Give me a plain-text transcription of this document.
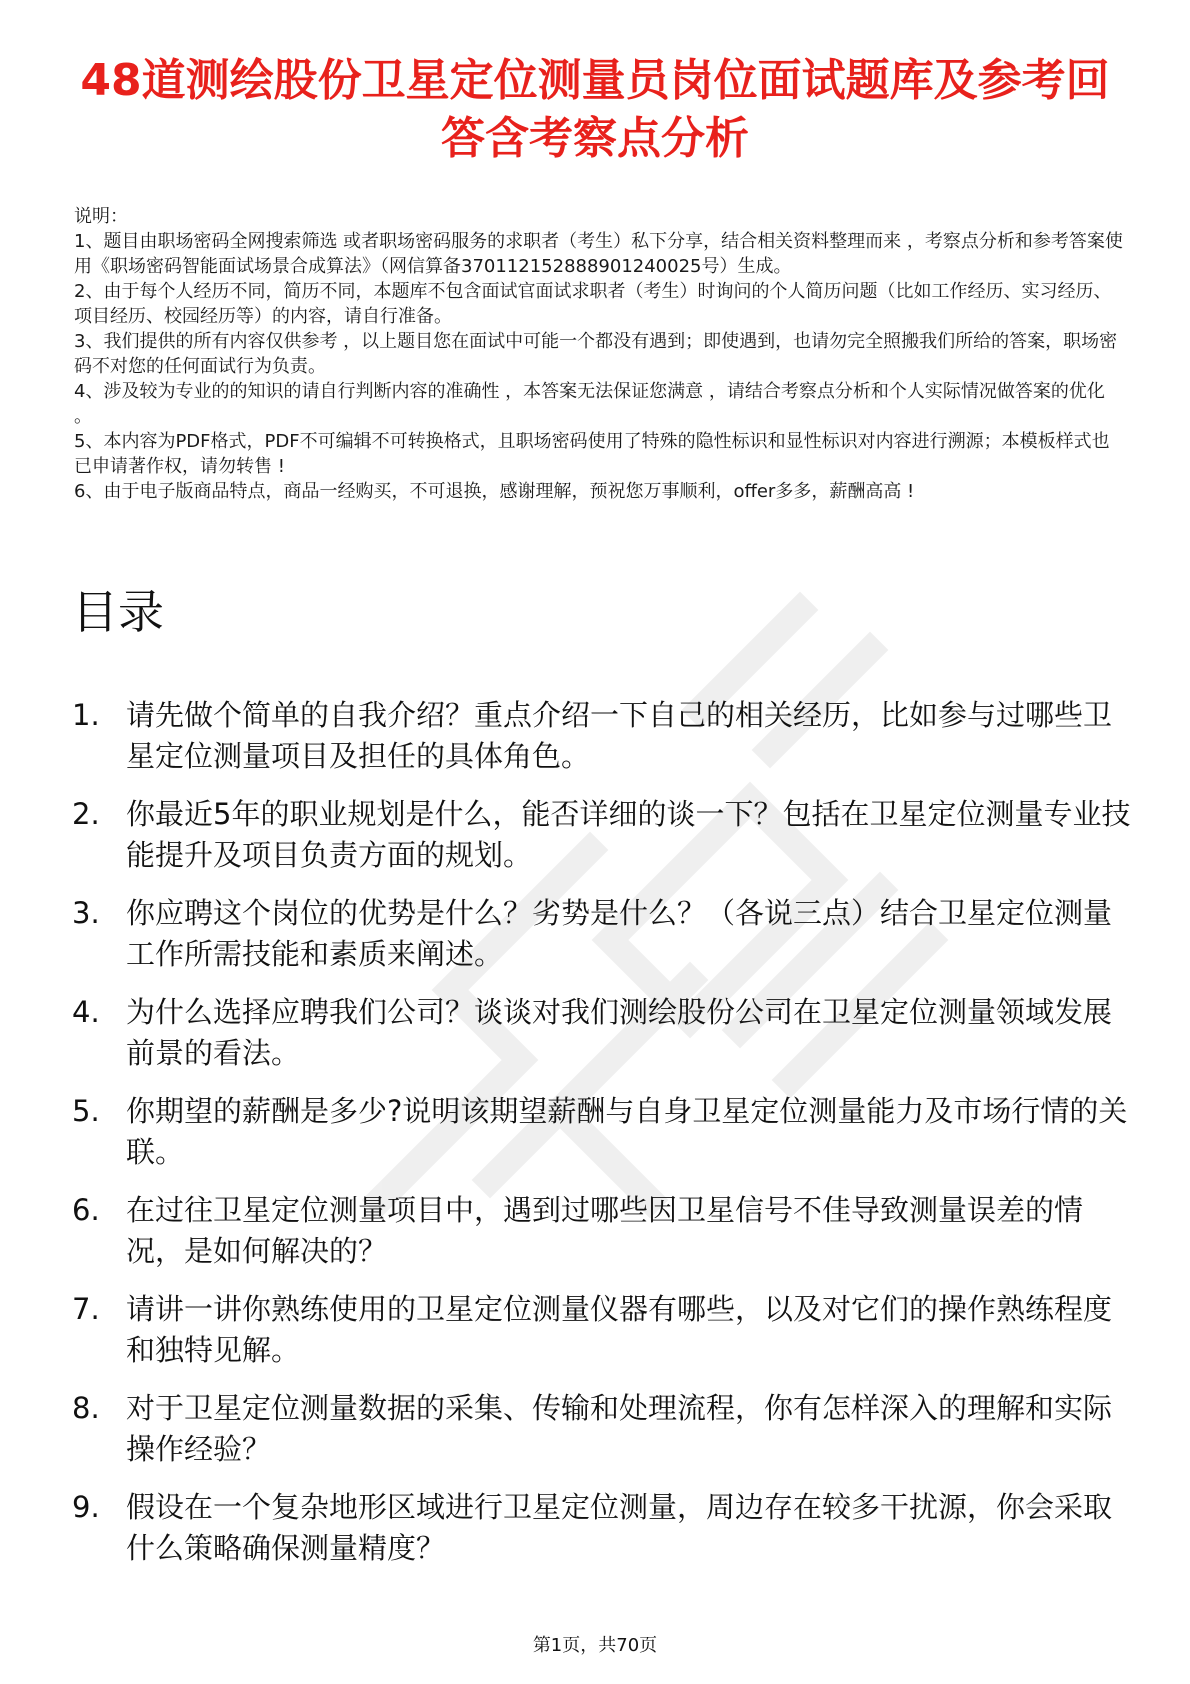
48道测绘股份卫星定位测量员岗位面试题库及参考回答含考察点分析

说明：

1、题目由职场密码全网搜索筛选 或者职场密码服务的求职者（考生）私下分享，结合相关资料整理而来 ，考察点分析和参考答案使用《职场密码智能面试场景合成算法》（网信算备370112152888901240025号）生成。

2、由于每个人经历不同，简历不同，本题库不包含面试官面试求职者（考生）时询问的个人简历问题（比如工作经历、实习经历、项目经历、校园经历等）的内容，请自行准备。

3、我们提供的所有内容仅供参考 ，以上题目您在面试中可能一个都没有遇到；即使遇到，也请勿完全照搬我们所给的答案，职场密码不对您的任何面试行为负责。

4、涉及较为专业的的知识的请自行判断内容的准确性 ，本答案无法保证您满意 ，请结合考察点分析和个人实际情况做答案的优化 。

5、本内容为PDF格式，PDF不可编辑不可转换格式，且职场密码使用了特殊的隐性标识和显性标识对内容进行溯源；本模板样式也已申请著作权，请勿转售 !

6、由于电子版商品特点，商品一经购买，不可退换，感谢理解，预祝您万事顺利，offer多多，薪酬高高 !

目录
1. 请先做个简单的自我介绍？重点介绍一下自己的相关经历，比如参与过哪些卫星定位测量项目及担任的具体角色。
2. 你最近5年的职业规划是什么，能否详细的谈一下？包括在卫星定位测量专业技能提升及项目负责方面的规划。
3. 你应聘这个岗位的优势是什么？劣势是什么？（各说三点）结合卫星定位测量工作所需技能和素质来阐述。
4. 为什么选择应聘我们公司？谈谈对我们测绘股份公司在卫星定位测量领域发展前景的看法。
5. 你期望的薪酬是多少?说明该期望薪酬与自身卫星定位测量能力及市场行情的关联。
6. 在过往卫星定位测量项目中，遇到过哪些因卫星信号不佳导致测量误差的情况，是如何解决的？
7. 请讲一讲你熟练使用的卫星定位测量仪器有哪些，以及对它们的操作熟练程度和独特见解。
8. 对于卫星定位测量数据的采集、传输和处理流程，你有怎样深入的理解和实际操作经验？
9. 假设在一个复杂地形区域进行卫星定位测量，周边存在较多干扰源，你会采取什么策略确保测量精度？
第1页，共70页
